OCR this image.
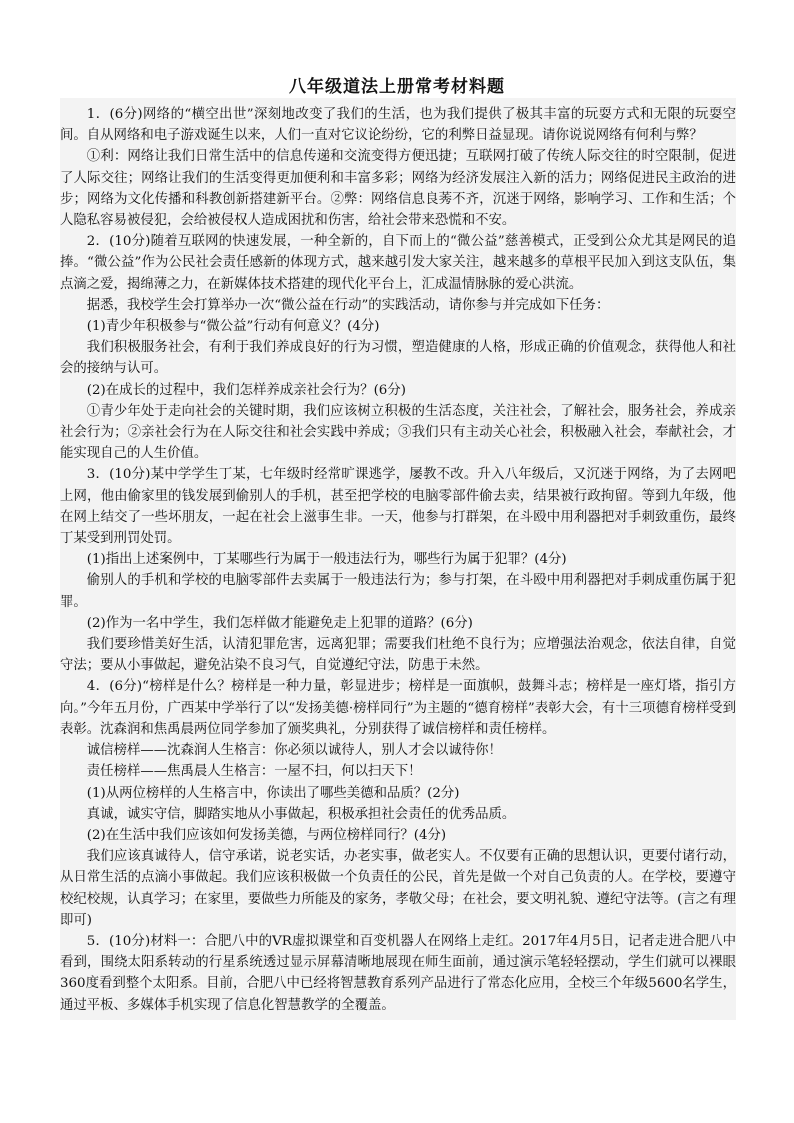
八年级道法上册常考材料题

1．(6分)网络的“横空出世”深刻地改变了我们的生活，也为我们提供了极其丰富的玩耍方式和无限的玩耍空间。自从网络和电子游戏诞生以来，人们一直对它议论纷纷，它的利弊日益显现。请你说说网络有何利与弊？

①利：网络让我们日常生活中的信息传递和交流变得方便迅捷；互联网打破了传统人际交往的时空限制，促进了人际交往；网络让我们的生活变得更加便利和丰富多彩；网络为经济发展注入新的活力；网络促进民主政治的进步；网络为文化传播和科教创新搭建新平台。②弊：网络信息良莠不齐，沉迷于网络，影响学习、工作和生活；个人隐私容易被侵犯，会给被侵权人造成困扰和伤害，给社会带来恐慌和不安。

2．(10分)随着互联网的快速发展，一种全新的，自下而上的“微公益”慈善模式，正受到公众尤其是网民的追捧。“微公益”作为公民社会责任感新的体现方式，越来越引发大家关注，越来越多的草根平民加入到这支队伍，集点滴之爱，揭绵薄之力，在新媒体技术搭建的现代化平台上，汇成温情脉脉的爱心洪流。

据悉，我校学生会打算举办一次“微公益在行动”的实践活动，请你参与并完成如下任务：

(1)青少年积极参与“微公益”行动有何意义？(4分)

我们积极服务社会，有利于我们养成良好的行为习惯，塑造健康的人格，形成正确的价值观念，获得他人和社会的接纳与认可。

(2)在成长的过程中，我们怎样养成亲社会行为？(6分)

①青少年处于走向社会的关键时期，我们应该树立积极的生活态度，关注社会，了解社会，服务社会，养成亲社会行为；②亲社会行为在人际交往和社会实践中养成；③我们只有主动关心社会，积极融入社会，奉献社会，才能实现自己的人生价值。

3．(10分)某中学学生丁某，七年级时经常旷课逃学，屡教不改。升入八年级后，又沉迷于网络，为了去网吧上网，他由偷家里的钱发展到偷别人的手机，甚至把学校的电脑零部件偷去卖，结果被行政拘留。等到九年级，他在网上结交了一些坏朋友，一起在社会上滋事生非。一天，他参与打群架，在斗殴中用利器把对手刺致重伤，最终丁某受到刑罚处罚。

(1)指出上述案例中，丁某哪些行为属于一般违法行为，哪些行为属于犯罪？(4分)

偷别人的手机和学校的电脑零部件去卖属于一般违法行为；参与打架，在斗殴中用利器把对手刺成重伤属于犯罪。

(2)作为一名中学生，我们怎样做才能避免走上犯罪的道路？(6分)

我们要珍惜美好生活，认清犯罪危害，远离犯罪；需要我们杜绝不良行为；应增强法治观念，依法自律，自觉守法；要从小事做起，避免沾染不良习气，自觉遵纪守法，防患于未然。

4．(6分)“榜样是什么？榜样是一种力量，彰显进步；榜样是一面旗帜，鼓舞斗志；榜样是一座灯塔，指引方向。”今年五月份，广西某中学举行了以“发扬美德·榜样同行”为主题的“德育榜样”表彰大会，有十三项德育榜样受到表彰。沈森润和焦禹晨两位同学参加了颁奖典礼，分别获得了诚信榜样和责任榜样。

诚信榜样——沈森润人生格言：你必须以诚待人，别人才会以诚待你！

责任榜样——焦禹晨人生格言：一屋不扫，何以扫天下！

(1)从两位榜样的人生格言中，你读出了哪些美德和品质？(2分)

真诚，诚实守信，脚踏实地从小事做起，积极承担社会责任的优秀品质。

(2)在生活中我们应该如何发扬美德，与两位榜样同行？(4分)

我们应该真诚待人，信守承诺，说老实话，办老实事，做老实人。不仅要有正确的思想认识，更要付诸行动，从日常生活的点滴小事做起。我们应该积极做一个负责任的公民，首先是做一个对自己负责的人。在学校，要遵守校纪校规，认真学习；在家里，要做些力所能及的家务，孝敬父母；在社会，要文明礼貌、遵纪守法等。(言之有理即可)

5．(10分)材料一：合肥八中的VR虚拟课堂和百变机器人在网络上走红。2017年4月5日，记者走进合肥八中看到，围绕太阳系转动的行星系统透过显示屏幕清晰地展现在师生面前，通过演示笔轻轻摆动，学生们就可以裸眼360度看到整个太阳系。目前，合肥八中已经将智慧教育系列产品进行了常态化应用，全校三个年级5600名学生，通过平板、多媒体手机实现了信息化智慧教学的全覆盖。
